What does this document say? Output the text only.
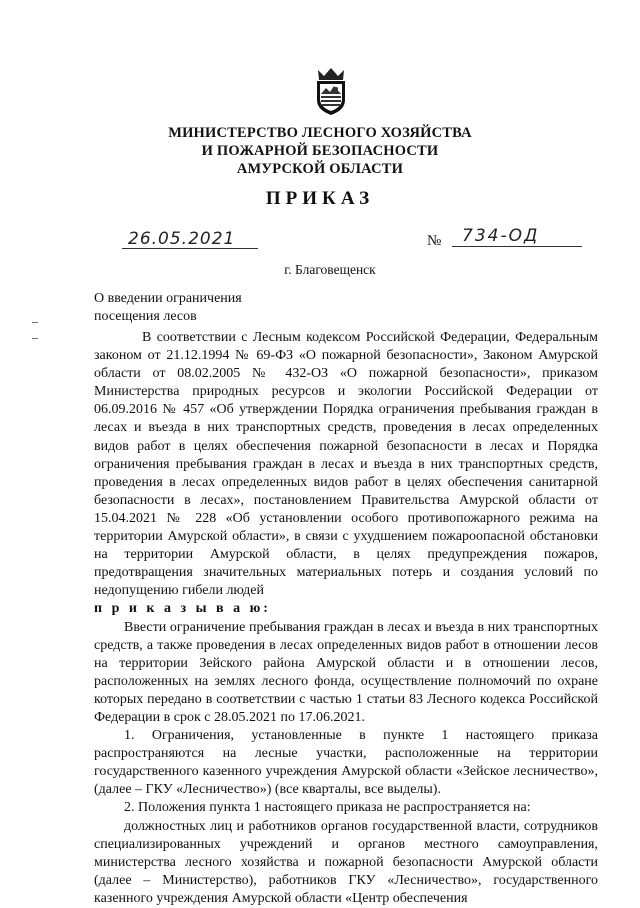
МИНИСТЕРСТВО ЛЕСНОГО ХОЗЯЙСТВА
И ПОЖАРНОЙ БЕЗОПАСНОСТИ
АМУРСКОЙ ОБЛАСТИ
ПРИКАЗ
26.05.2021	№	734-ОД
г. Благовещенск
О введении ограничения
посещения лесов

В соответствии с Лесным кодексом Российской Федерации, Федеральным законом от 21.12.1994 № 69-ФЗ «О пожарной безопасности», Законом Амурской области от 08.02.2005 № 432-ОЗ «О пожарной безопасности», приказом Министерства природных ресурсов и экологии Российской Федерации от 06.09.2016 № 457 «Об утверждении Порядка ограничения пребывания граждан в лесах и въезда в них транспортных средств, проведения в лесах определенных видов работ в целях обеспечения пожарной безопасности в лесах и Порядка ограничения пребывания граждан в лесах и въезда в них транспортных средств, проведения в лесах определенных видов работ в целях обеспечения санитарной безопасности в лесах», постановлением Правительства Амурской области от 15.04.2021 № 228 «Об установлении особого противопожарного режима на территории Амурской области», в связи с ухудшением пожароопасной обстановки на территории Амурской области, в целях предупреждения пожаров, предотвращения значительных материальных потерь и создания условий по недопущению гибели людей

п р и к а з ы в а ю:

Ввести ограничение пребывания граждан в лесах и въезда в них транспортных средств, а также проведения в лесах определенных видов работ в отношении лесов на территории Зейского района Амурской области и в отношении лесов, расположенных на землях лесного фонда, осуществление полномочий по охране которых передано в соответствии с частью 1 статьи 83 Лесного кодекса Российской Федерации в срок с 28.05.2021 по 17.06.2021.

1. Ограничения, установленные в пункте 1 настоящего приказа распространяются на лесные участки, расположенные на территории государственного казенного учреждения Амурской области «Зейское лесничество», (далее – ГКУ «Лесничество») (все кварталы, все выделы).

2. Положения пункта 1 настоящего приказа не распространяется на:

должностных лиц и работников органов государственной власти, сотрудников специализированных учреждений и органов местного самоуправления, министерства лесного хозяйства и пожарной безопасности Амурской области (далее – Министерство), работников ГКУ «Лесничество», государственного казенного учреждения Амурской области «Центр обеспечения
